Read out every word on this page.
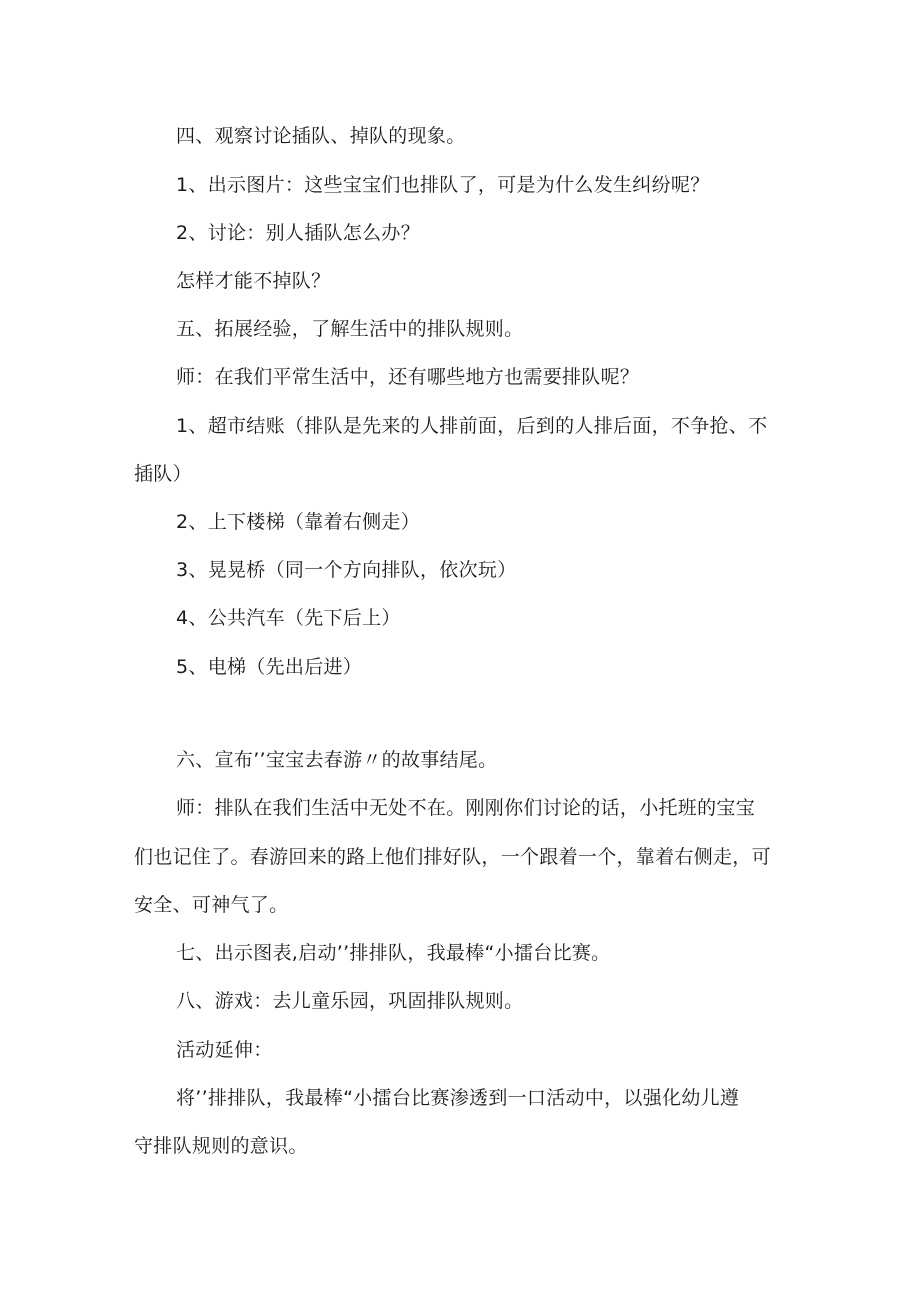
四、观察讨论插队、掉队的现象。
1、出示图片：这些宝宝们也排队了，可是为什么发生纠纷呢？
2、讨论：别人插队怎么办？
怎样才能不掉队？
五、拓展经验，了解生活中的排队规则。
师：在我们平常生活中，还有哪些地方也需要排队呢？
1、超市结账（排队是先来的人排前面，后到的人排后面，不争抢、不
插队）
2、上下楼梯（靠着右侧走）
3、晃晃桥（同一个方向排队，依次玩）
4、公共汽车（先下后上）
5、电梯（先出后进）
六、宣布’’宝宝去春游〃的故事结尾。
师：排队在我们生活中无处不在。刚刚你们讨论的话，小托班的宝宝
们也记住了。春游回来的路上他们排好队，一个跟着一个，靠着右侧走，可
安全、可神气了。
七、出示图表,启动’’排排队，我最棒“小擂台比赛。
八、游戏：去儿童乐园，巩固排队规则。
活动延伸：
将’’排排队，我最棒“小擂台比赛渗透到一口活动中，以强化幼儿遵
守排队规则的意识。
